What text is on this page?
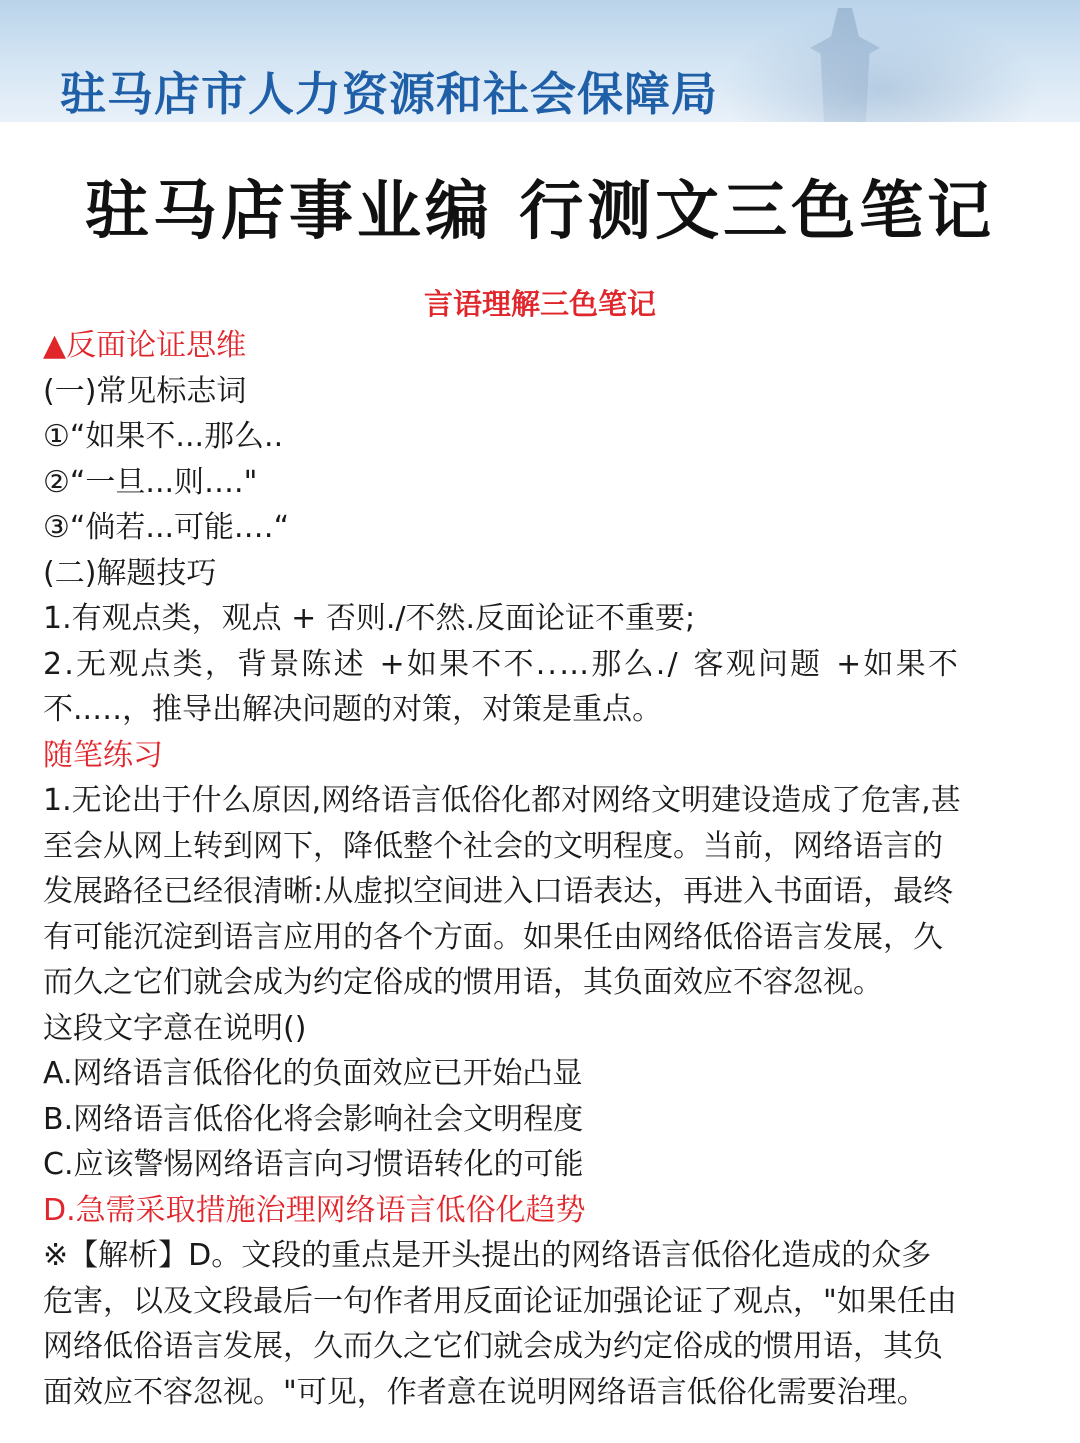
驻马店市人力资源和社会保障局
驻马店事业编 行测文三色笔记
言语理解三色笔记
▲反面论证思维
(一)常见标志词
①“如果不...那么..
②“一旦...则…."
③“倘若...可能.…“
(二)解题技巧
1.有观点类，观点 + 否则./不然.反面论证不重要;
2.无观点类，背景陈述 +如果不不..…那么./ 客观问题 +如果不
不..…，推导出解决问题的对策，对策是重点。
随笔练习
1.无论出于什么原因,网络语言低俗化都对网络文明建设造成了危害,甚
至会从网上转到网下，降低整个社会的文明程度。当前，网络语言的
发展路径已经很清晰:从虚拟空间进入口语表达，再进入书面语，最终
有可能沉淀到语言应用的各个方面。如果任由网络低俗语言发展，久
而久之它们就会成为约定俗成的惯用语，其负面效应不容忽视。
这段文字意在说明()
A.网络语言低俗化的负面效应已开始凸显
B.网络语言低俗化将会影响社会文明程度
C.应该警惕网络语言向习惯语转化的可能
D.急需采取措施治理网络语言低俗化趋势
※【解析】D。文段的重点是开头提出的网络语言低俗化造成的众多
危害，以及文段最后一句作者用反面论证加强论证了观点，"如果任由
网络低俗语言发展，久而久之它们就会成为约定俗成的惯用语，其负
面效应不容忽视。"可见，作者意在说明网络语言低俗化需要治理。
